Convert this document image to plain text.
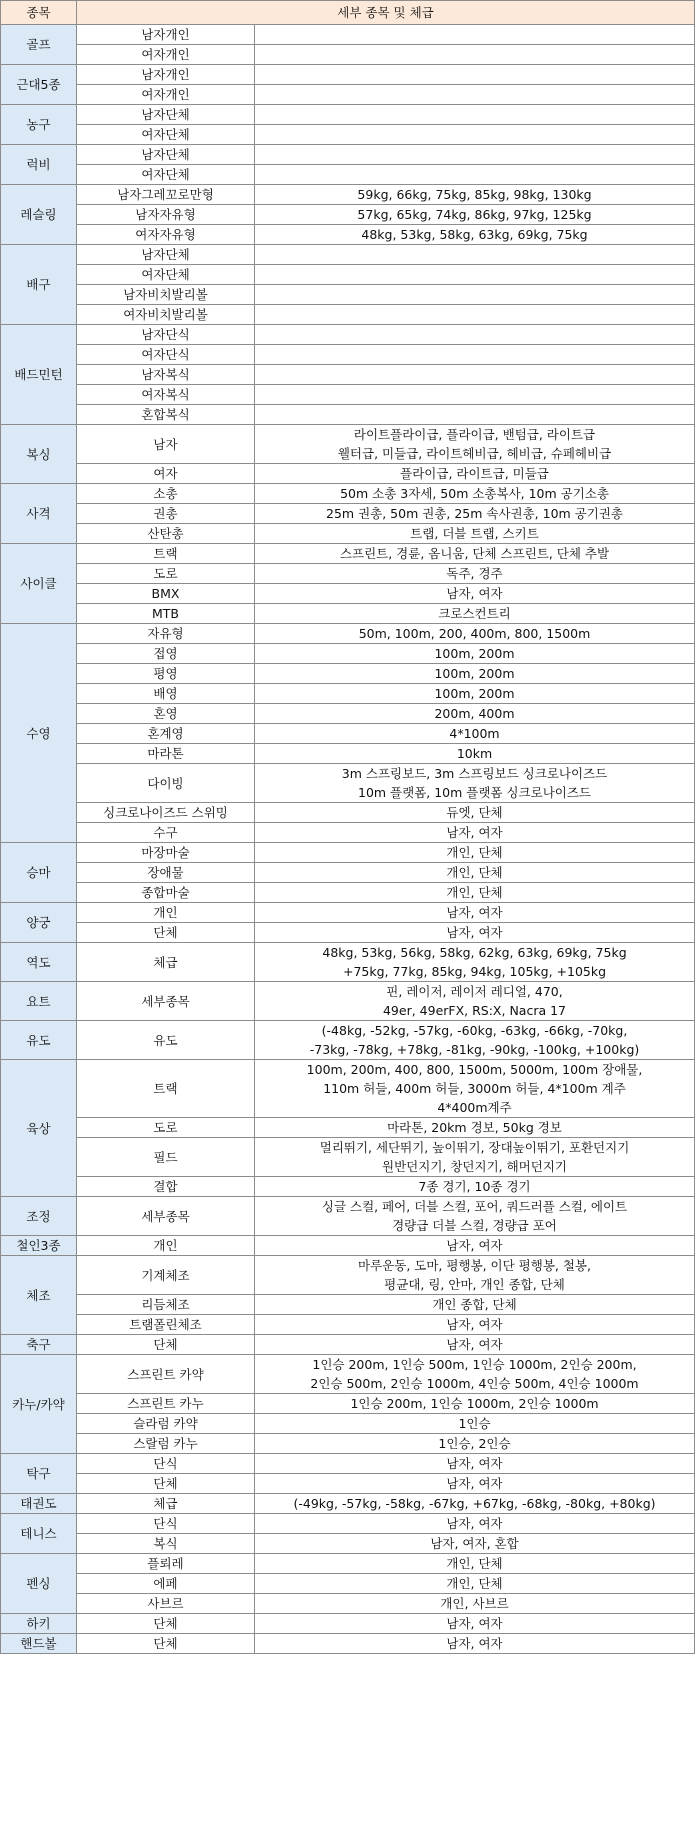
종목	세부 종목 및 체급	
골프	남자개인	
	여자개인	
근대5종	남자개인	
	여자개인	
농구	남자단체	
	여자단체	
럭비	남자단체	
	여자단체	
레슬링	남자그레꼬로만형	59kg, 66kg, 75kg, 85kg, 98kg, 130kg

	남자자유형	57kg, 65kg, 74kg, 86kg, 97kg, 125kg

	여자자유형	48kg, 53kg, 58kg, 63kg, 69kg, 75kg

배구	남자단체	
	여자단체	
	남자비치발리볼	
	여자비치발리볼	
배드민턴	남자단식	
	여자단식	
	남자복식	
	여자복식	
	혼합복식	
복싱	남자	라이트플라이급, 플라이급, 밴텀급, 라이트급
웰터급, 미들급, 라이트헤비급, 헤비급, 슈페헤비급

	여자	플라이급, 라이트급, 미들급

사격	소총	50m 소총 3자세, 50m 소총복사, 10m 공기소총

	권총	25m 권총, 50m 권총, 25m 속사권총, 10m 공기권총

	산탄총	트랩, 더블 트랩, 스키트

사이클	트랙	스프린트, 경륜, 옴니움, 단체 스프린트, 단체 추발

	도로	독주, 경주

	BMX	남자, 여자

	MTB	크로스컨트리

수영	자유형	50m, 100m, 200, 400m, 800, 1500m

	접영	100m, 200m

	평영	100m, 200m

	배영	100m, 200m

	혼영	200m, 400m

	혼계영	4*100m

	마라톤	10km

	다이빙	3m 스프링보드, 3m 스프링보드 싱크로나이즈드
10m 플랫폼, 10m 플랫폼 싱크로나이즈드

	싱크로나이즈드 스위밍	듀엣, 단체

	수구	남자, 여자

승마	마장마술	개인, 단체

	장애물	개인, 단체

	종합마술	개인, 단체

양궁	개인	남자, 여자

	단체	남자, 여자

역도	체급	48kg, 53kg, 56kg, 58kg, 62kg, 63kg, 69kg, 75kg
+75kg, 77kg, 85kg, 94kg, 105kg, +105kg

요트	세부종목	핀, 레이저, 레이저 레디얼, 470,
49er, 49erFX, RS:X, Nacra 17

유도	유도	(-48kg, -52kg, -57kg, -60kg, -63kg, -66kg, -70kg,
-73kg, -78kg, +78kg, -81kg, -90kg, -100kg, +100kg)

육상	트랙	100m, 200m, 400, 800, 1500m, 5000m, 100m 장애물,
110m 허들, 400m 허들, 3000m 허들, 4*100m 계주
4*400m계주

	도로	마라톤, 20km 경보, 50kg 경보

	필드	멀리뛰기, 세단뛰기, 높이뛰기, 장대높이뛰기, 포환던지기
원반던지기, 창던지기, 해머던지기

	결합	7종 경기, 10종 경기

조정	세부종목	싱글 스컬, 페어, 더블 스컬, 포어, 쿼드러플 스컬, 에이트
경량급 더블 스컬, 경량급 포어

철인3종	개인	남자, 여자

체조	기계체조	마루운동, 도마, 평행봉, 이단 평행봉, 철봉,
평균대, 링, 안마, 개인 종합, 단체

	리듬체조	개인 종합, 단체

	트램폴린체조	남자, 여자

축구	단체	남자, 여자

카누/카약	스프린트 카약	1인승 200m, 1인승 500m, 1인승 1000m, 2인승 200m,
2인승 500m, 2인승 1000m, 4인승 500m, 4인승 1000m

	스프린트 카누	1인승 200m, 1인승 1000m, 2인승 1000m

	슬라럼 카약	1인승

	스랄럼 카누	1인승, 2인승

탁구	단식	남자, 여자

	단체	남자, 여자

태권도	체급	(-49kg, -57kg, -58kg, -67kg, +67kg, -68kg, -80kg, +80kg)

테니스	단식	남자, 여자

	복식	남자, 여자, 혼합

펜싱	플뢰레	개인, 단체

	에페	개인, 단체

	사브르	개인, 사브르

하키	단체	남자, 여자

핸드볼	단체	남자, 여자
